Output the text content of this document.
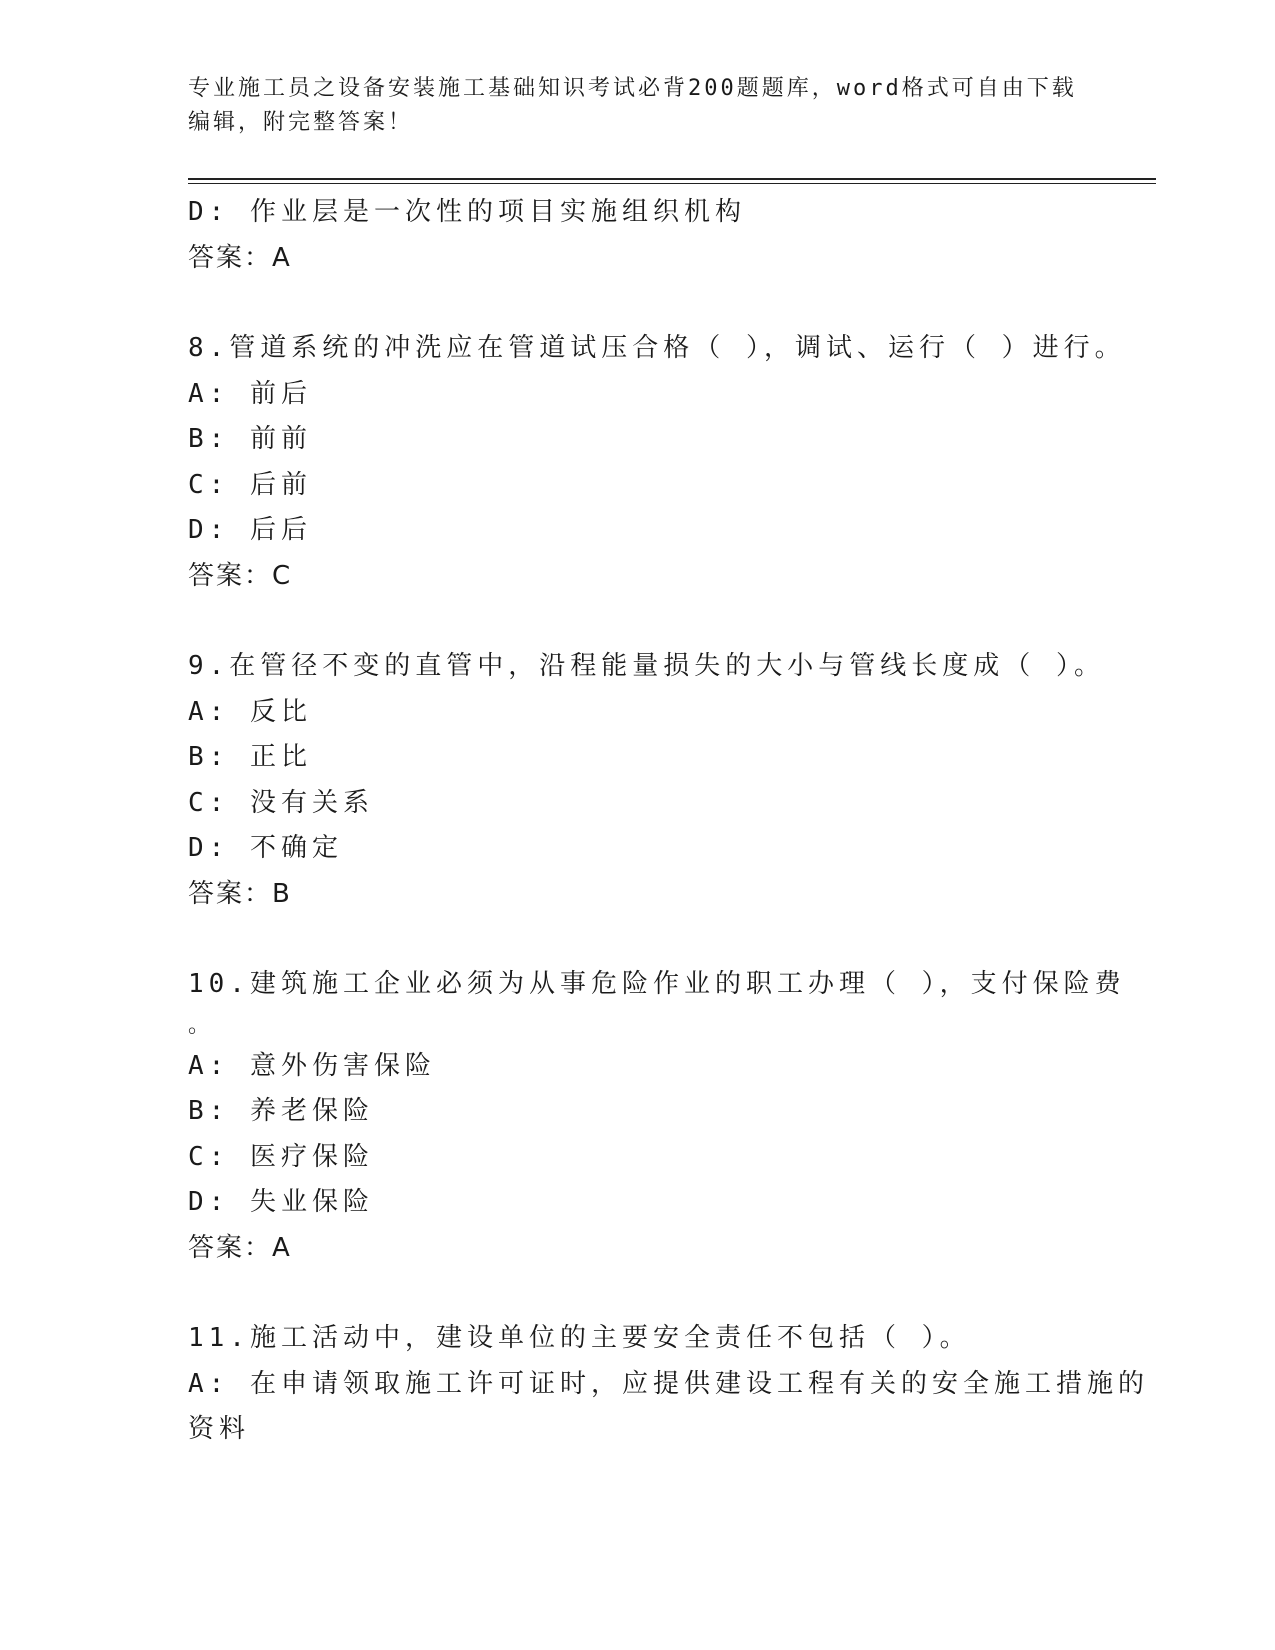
专业施工员之设备安装施工基础知识考试必背200题题库，word格式可自由下载
编辑，附完整答案！
D: 作业层是一次性的项目实施组织机构
答案：A
8.管道系统的冲洗应在管道试压合格（ ），调试、运行（ ）进行。
A: 前后
B: 前前
C: 后前
D: 后后
答案：C
9.在管径不变的直管中，沿程能量损失的大小与管线长度成（ ）。
A: 反比
B: 正比
C: 没有关系
D: 不确定
答案：B
10.建筑施工企业必须为从事危险作业的职工办理（ ），支付保险费
。
A: 意外伤害保险
B: 养老保险
C: 医疗保险
D: 失业保险
答案：A
11.施工活动中，建设单位的主要安全责任不包括（ ）。
A: 在申请领取施工许可证时，应提供建设工程有关的安全施工措施的
资料
